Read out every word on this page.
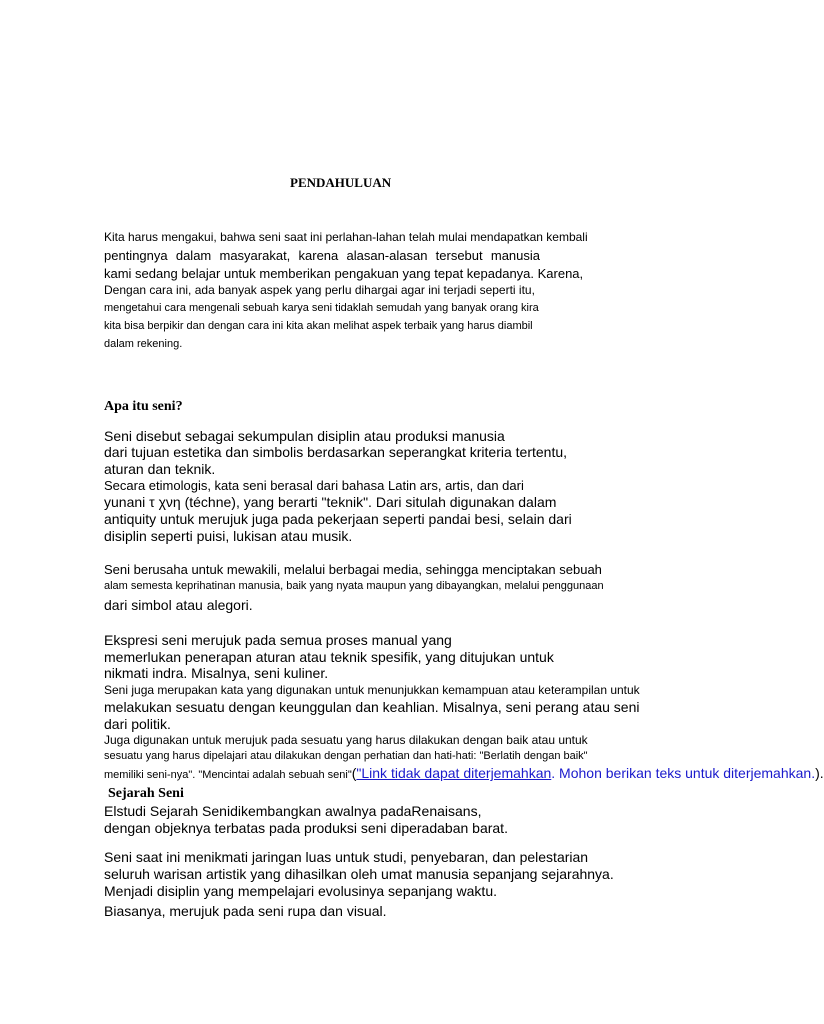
PENDAHULUAN
Kita harus mengakui, bahwa seni saat ini perlahan-lahan telah mulai mendapatkan kembali
pentingnya dalam masyarakat, karena alasan-alasan tersebut manusia
kami sedang belajar untuk memberikan pengakuan yang tepat kepadanya. Karena,
Dengan cara ini, ada banyak aspek yang perlu dihargai agar ini terjadi seperti itu,
mengetahui cara mengenali sebuah karya seni tidaklah semudah yang banyak orang kira
kita bisa berpikir dan dengan cara ini kita akan melihat aspek terbaik yang harus diambil
dalam rekening.
Apa itu seni?
Seni disebut sebagai sekumpulan disiplin atau produksi manusia
dari tujuan estetika dan simbolis berdasarkan seperangkat kriteria tertentu,
aturan dan teknik.
Secara etimologis, kata seni berasal dari bahasa Latin ars, artis, dan dari
yunani τ χνη (téchne), yang berarti "teknik". Dari situlah digunakan dalam
antiquity untuk merujuk juga pada pekerjaan seperti pandai besi, selain dari
disiplin seperti puisi, lukisan atau musik.
Seni berusaha untuk mewakili, melalui berbagai media, sehingga menciptakan sebuah
alam semesta keprihatinan manusia, baik yang nyata maupun yang dibayangkan, melalui penggunaan
dari simbol atau alegori.
Ekspresi seni merujuk pada semua proses manual yang
memerlukan penerapan aturan atau teknik spesifik, yang ditujukan untuk
nikmati indra. Misalnya, seni kuliner.
Seni juga merupakan kata yang digunakan untuk menunjukkan kemampuan atau keterampilan untuk
melakukan sesuatu dengan keunggulan dan keahlian. Misalnya, seni perang atau seni
dari politik.
Juga digunakan untuk merujuk pada sesuatu yang harus dilakukan dengan baik atau untuk
sesuatu yang harus dipelajari atau dilakukan dengan perhatian dan hati-hati: "Berlatih dengan baik"
memiliki seni-nya". "Mencintai adalah sebuah seni"("Link tidak dapat diterjemahkan. Mohon berikan teks untuk diterjemahkan.).
Sejarah Seni
Elstudi Sejarah Senidikembangkan awalnya padaRenaisans,
dengan objeknya terbatas pada produksi seni diperadaban barat.
Seni saat ini menikmati jaringan luas untuk studi, penyebaran, dan pelestarian
seluruh warisan artistik yang dihasilkan oleh umat manusia sepanjang sejarahnya.
Menjadi disiplin yang mempelajari evolusinya sepanjang waktu.
Biasanya, merujuk pada seni rupa dan visual.
